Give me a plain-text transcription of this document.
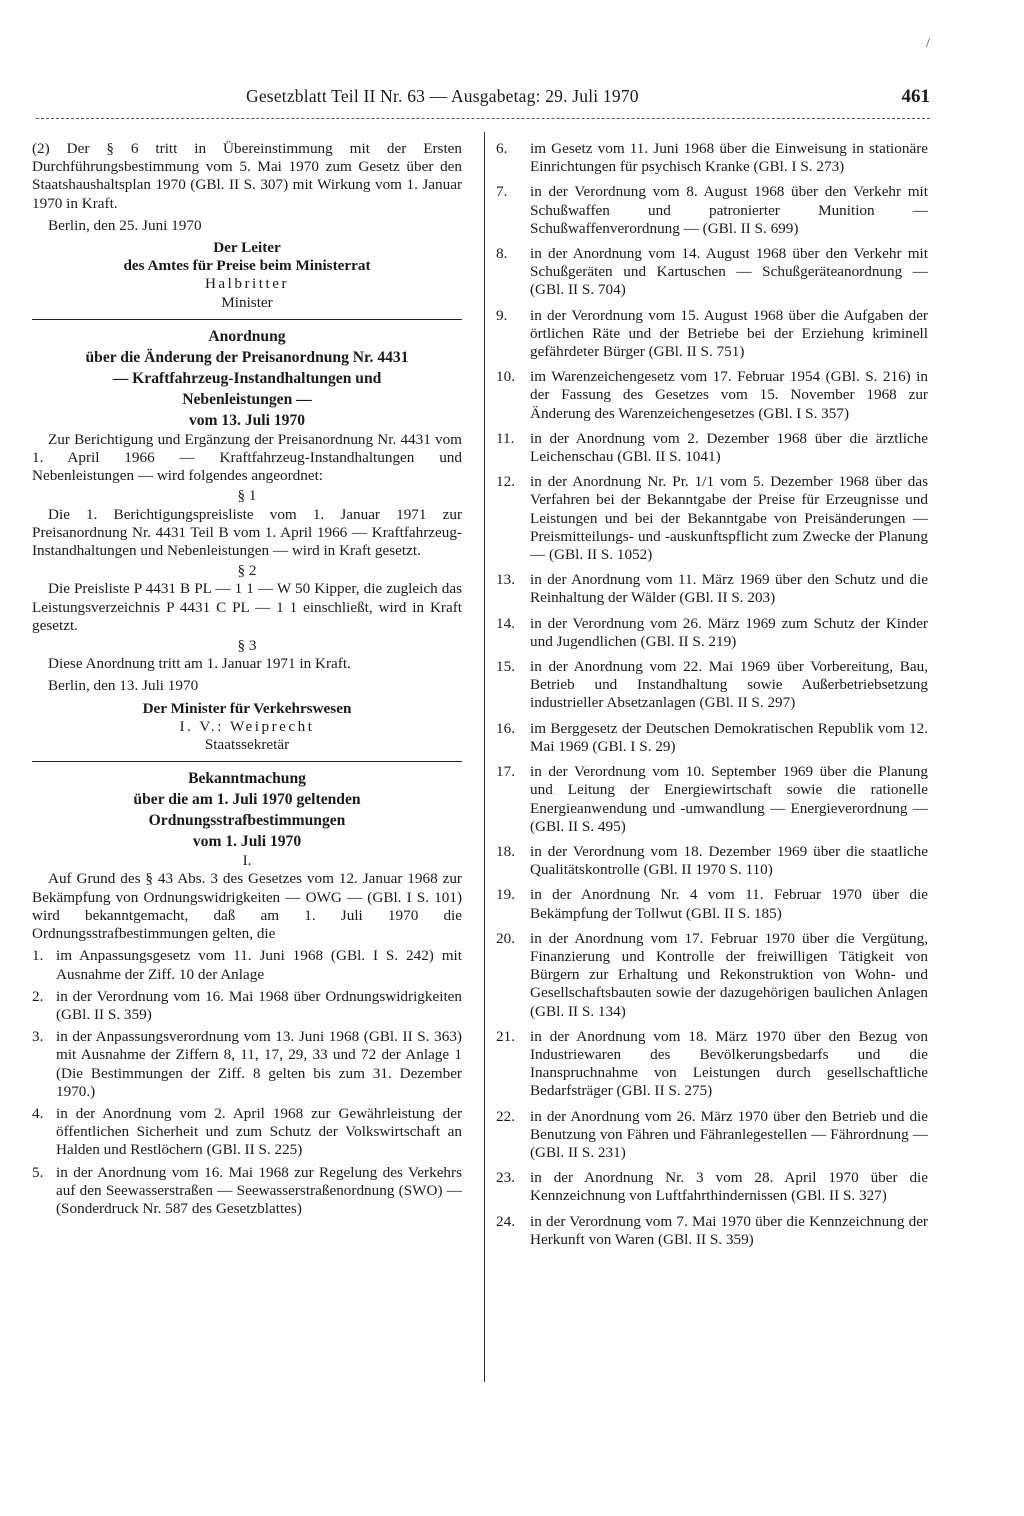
/
Gesetzblatt Teil II Nr. 63 — Ausgabetag: 29. Juli 1970	461

(2) Der § 6 tritt in Übereinstimmung mit der Ersten Durchführungsbestimmung vom 5. Mai 1970 zum Gesetz über den Staatshaushaltsplan 1970 (GBl. II S. 307) mit Wirkung vom 1. Januar 1970 in Kraft.

Berlin, den 25. Juni 1970

Der Leiter

des Amtes für Preise beim Ministerrat

Halbritter

Minister

Anordnung

über die Änderung der Preisanordnung Nr. 4431

— Kraftfahrzeug-Instandhaltungen und

Nebenleistungen —

vom 13. Juli 1970

Zur Berichtigung und Ergänzung der Preisanordnung Nr. 4431 vom 1. April 1966 — Kraftfahrzeug-Instandhaltungen und Nebenleistungen — wird folgendes angeordnet:

§ 1

Die 1. Berichtigungspreisliste vom 1. Januar 1971 zur Preisanordnung Nr. 4431 Teil B vom 1. April 1966 — Kraftfahrzeug-Instandhaltungen und Nebenleistungen — wird in Kraft gesetzt.

§ 2

Die Preisliste P 4431 B PL — 1 1 — W 50 Kipper, die zugleich das Leistungsverzeichnis P 4431 C PL — 1 1 einschließt, wird in Kraft gesetzt.

§ 3

Diese Anordnung tritt am 1. Januar 1971 in Kraft.

Berlin, den 13. Juli 1970

Der Minister für Verkehrswesen

I. V.: Weiprecht

Staatssekretär

Bekanntmachung

über die am 1. Juli 1970 geltenden

Ordnungsstrafbestimmungen

vom 1. Juli 1970

I.

Auf Grund des § 43 Abs. 3 des Gesetzes vom 12. Januar 1968 zur Bekämpfung von Ordnungswidrigkeiten — OWG — (GBl. I S. 101) wird bekanntgemacht, daß am 1. Juli 1970 die Ordnungsstrafbestimmungen gelten, die

1. im Anpassungsgesetz vom 11. Juni 1968 (GBl. I S. 242) mit Ausnahme der Ziff. 10 der Anlage
2. in der Verordnung vom 16. Mai 1968 über Ordnungswidrigkeiten (GBl. II S. 359)
3. in der Anpassungsverordnung vom 13. Juni 1968 (GBl. II S. 363) mit Ausnahme der Ziffern 8, 11, 17, 29, 33 und 72 der Anlage 1 (Die Bestimmungen der Ziff. 8 gelten bis zum 31. Dezember 1970.)
4. in der Anordnung vom 2. April 1968 zur Gewährleistung der öffentlichen Sicherheit und zum Schutz der Volkswirtschaft an Halden und Restlöchern (GBl. II S. 225)
5. in der Anordnung vom 16. Mai 1968 zur Regelung des Verkehrs auf den Seewasserstraßen — Seewasserstraßenordnung (SWO) — (Sonderdruck Nr. 587 des Gesetzblattes)
6.	im Gesetz vom 11. Juni 1968 über die Einweisung in stationäre Einrichtungen für psychisch Kranke (GBl. I S. 273)
7.	in der Verordnung vom 8. August 1968 über den Verkehr mit Schußwaffen und patronierter Munition — Schußwaffenverordnung — (GBl. II S. 699)
8.	in der Anordnung vom 14. August 1968 über den Verkehr mit Schußgeräten und Kartuschen — Schußgeräteanordnung — (GBl. II S. 704)
9.	in der Verordnung vom 15. August 1968 über die Aufgaben der örtlichen Räte und der Betriebe bei der Erziehung kriminell gefährdeter Bürger (GBl. II S. 751)
10. im Warenzeichengesetz vom 17. Februar 1954 (GBl. S. 216) in der Fassung des Gesetzes vom 15. November 1968 zur Änderung des Warenzeichengesetzes (GBl. I S. 357)
11.	in der Anordnung vom 2. Dezember 1968 über die ärztliche Leichenschau (GBl. II S. 1041)
12. in der Anordnung Nr. Pr. 1/1 vom 5. Dezember 1968 über das Verfahren bei der Bekanntgabe der Preise für Erzeugnisse und Leistungen und bei der Bekanntgabe von Preisänderungen — Preismitteilungs- und -auskunftspflicht zum Zwecke der Planung — (GBl. II S. 1052)
13. in der Anordnung vom 11. März 1969 über den Schutz und die Reinhaltung der Wälder (GBl. II S. 203)
14. in der Verordnung vom 26. März 1969 zum Schutz der Kinder und Jugendlichen (GBl. II S. 219)
15. in der Anordnung vom 22. Mai 1969 über Vorbereitung, Bau, Betrieb und Instandhaltung sowie Außerbetriebsetzung industrieller Absetzanlagen (GBl. II S. 297)
16. im Berggesetz der Deutschen Demokratischen Republik vom 12. Mai 1969 (GBl. I S. 29)
17. in der Verordnung vom 10. September 1969 über die Planung und Leitung der Energiewirtschaft sowie die rationelle Energieanwendung und -umwandlung — Energieverordnung — (GBl. II S. 495)
18. in der Verordnung vom 18. Dezember 1969 über die staatliche Qualitätskontrolle (GBl. II 1970 S. 110)
19. in der Anordnung Nr. 4 vom 11. Februar 1970 über die Bekämpfung der Tollwut (GBl. II S. 185)
20. in der Anordnung vom 17. Februar 1970 über die Vergütung, Finanzierung und Kontrolle der freiwilligen Tätigkeit von Bürgern zur Erhaltung und Rekonstruktion von Wohn- und Gesellschaftsbauten sowie der dazugehörigen baulichen Anlagen (GBl. II S. 134)
21. in der Anordnung vom 18. März 1970 über den Bezug von Industriewaren des Bevölkerungsbedarfs und die Inanspruchnahme von Leistungen durch gesellschaftliche Bedarfsträger (GBl. II S. 275)
22. in der Anordnung vom 26. März 1970 über den Betrieb und die Benutzung von Fähren und Fähranlegestellen — Fährordnung — (GBl. II S. 231)
23. in der Anordnung Nr. 3 vom 28. April 1970 über die Kennzeichnung von Luftfahrthindernissen (GBl. II S. 327)
24. in der Verordnung vom 7. Mai 1970 über die Kennzeichnung der Herkunft von Waren (GBl. II S. 359)
